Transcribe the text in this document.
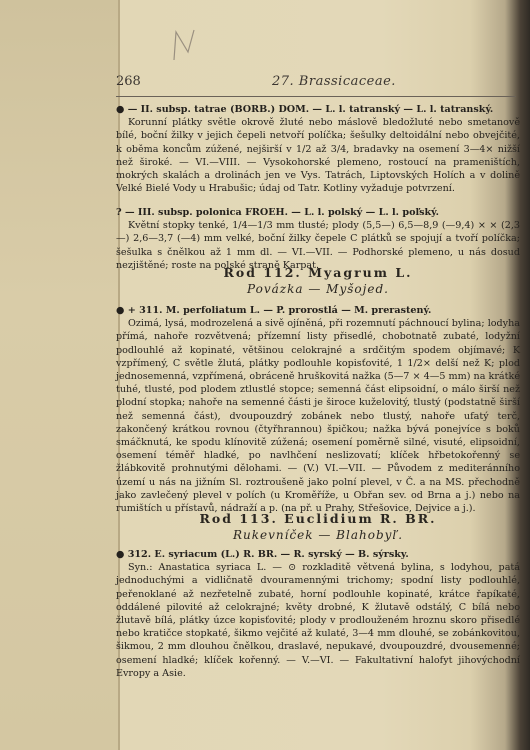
268	27. Brassicaceae.

● — II. subsp. tatrae (BORB.) DOM. — L. l. tatranský — L. l. tatranský.

Korunní plátky světle okrově žluté nebo máslově bledožluté nebo smetanově bílé, boční žilky v jejich čepeli netvoří políčka; šešulky deltoidální nebo obvejčité, k oběma koncům zúžené, nejširší v 1/2 až 3/4, bradavky na osemení 3—4× nižší než široké. — VI.—VIII. — Vysokohorské plemeno, rostoucí na prameništích, mokrých skalách a drolinách jen ve Vys. Tatrách, Liptovských Holích a v dolině Velké Bielé Vody u Hrabušic; údaj od Tatr. Kotliny vyžaduje potvrzení.

? — III. subsp. polonica FROEH. — L. l. polský — L. l. poľský.

Květní stopky tenké, 1/4—1/3 mm tlusté; plody (5,5—) 6,5—8,9 (—9,4) × × (2,3—) 2,6—3,7 (—4) mm velké, boční žilky čepele C plátků se spojují a tvoří políčka; šešulka s čnělkou až 1 mm dl. — VI.—VII. — Podhorské plemeno, u nás dosud nezjištěné; roste na polské straně Karpat.

Rod 112. Myagrum L.
Povázka — Myšojed.

● + 311. M. perfoliatum L. — P. prorostlá — M. prerastený.

Ozimá, lysá, modrozelená a sivě ojíněná, při rozemnutí páchnoucí bylina; lodyha přímá, nahoře rozvětvená; přízemní listy přisedlé, chobotnatě zubaté, lodyžní podlouhlé až kopinaté, většinou celokrajné a srdčitým spodem objímavé; K vzpřímený, C světle žlutá, plátky podlouhle kopisťovité, 1 1/2× delší než K; plod jednosemenná, vzpřímená, obráceně hruškovitá nažka (5—7 × 4—5 mm) na krátké tuhé, tlusté, pod plodem ztlustlé stopce; semenná část elipsoidní, o málo širší než plodní stopka; nahoře na semenné části je široce kuželovitý, tlustý (podstatně širší než semenná část), dvoupouzdrý zobánek nebo tlustý, nahoře ufatý terč, zakončený krátkou rovnou (čtyřhrannou) špičkou; nažka bývá ponejvíce s boků smáčknutá, ke spodu klínovitě zúžená; osemení poměrně silné, visuté, elipsoidní, osemení téměř hladké, po navlhčení neslizovatí; klíček hřbetokořenný se žlábkovitě prohnutými dělohami. — (V.) VI.—VII. — Původem z mediteránního území u nás na jižním Sl. roztroušeně jako polní plevel, v Č. a na MS. přechodně jako zavlečený plevel v polích (u Kroměříže, u Obřan sev. od Brna a j.) nebo na rumištích u přístavů, nádraží a p. (na př. u Prahy, Střešovice, Dejvice a j.).

Rod 113. Euclidium R. BR.
Rukevníček — Blahobyľ.

● 312. E. syriacum (L.) R. BR. — R. syrský — B. sýrsky.

Syn.: Anastatica syriaca L. — ⊙ rozkladitě větvená bylina, s lodyhou, patá jednoduchými a vidličnatě dvouramennými trichomy; spodní listy podlouhlé, peřenoklané až nezřetelně zubaté, horní podlouhle kopinaté, krátce řapíkaté, oddálené pilovité až celokrajné; květy drobné, K žlutavě odstálý, C bílá nebo žlutavě bílá, plátky úzce kopisťovité; plody v prodlouženém hroznu skoro přisedlé nebo kratičce stopkaté, šikmo vejčité až kulaté, 3—4 mm dlouhé, se zobánkovitou, šikmou, 2 mm dlouhou čnělkou, draslavé, nepukavé, dvoupouzdré, dvousemenné; osemení hladké; klíček kořenný. — V.—VI. — Fakultativní halofyt jihovýchodní Evropy a Asie.
